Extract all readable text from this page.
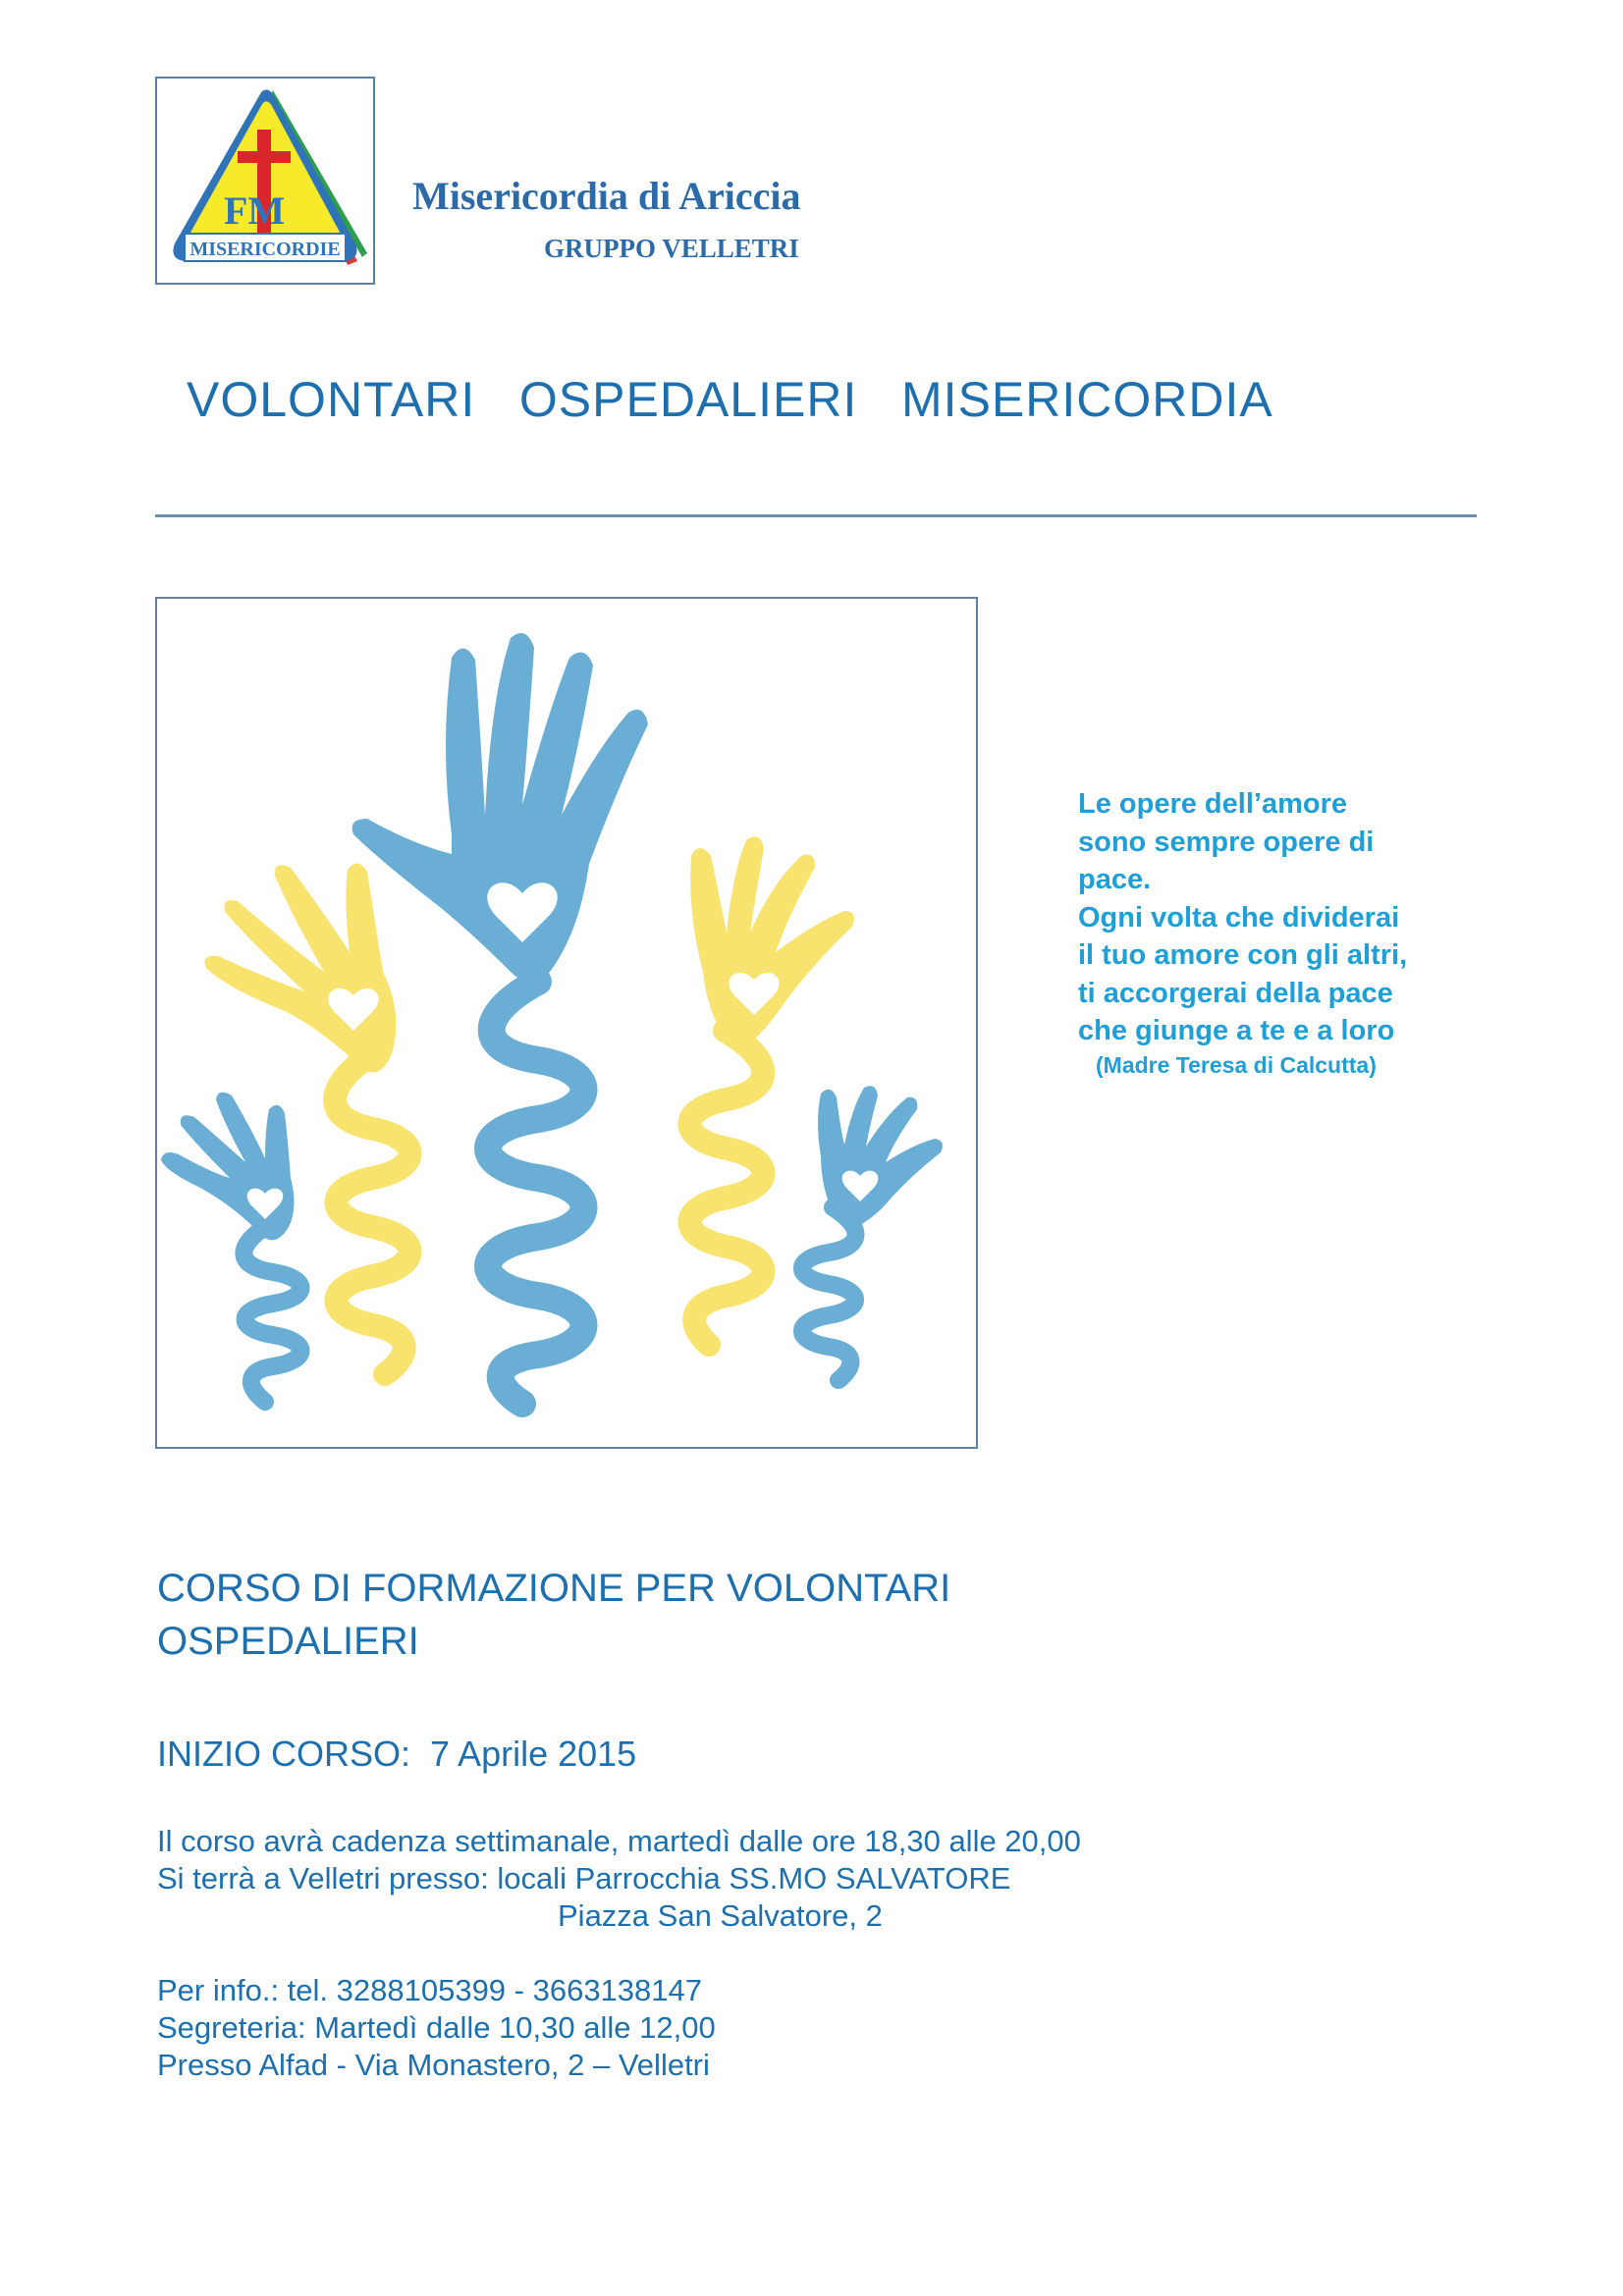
FM
MISERICORDIE
Misericordia di Ariccia
GRUPPO VELLETRI
VOLONTARI   OSPEDALIERI   MISERICORDIA
Le opere dell’amore
sono sempre opere di
pace.
Ogni volta che dividerai
il tuo amore con gli altri,
ti accorgerai della pace
che giunge a te e a loro
(Madre Teresa di Calcutta)
CORSO DI FORMAZIONE PER VOLONTARI
OSPEDALIERI
INIZIO CORSO:  7 Aprile 2015
Il corso avrà cadenza settimanale, martedì dalle ore 18,30 alle 20,00
Si terrà a Velletri presso: locali Parrocchia SS.MO SALVATORE
Piazza San Salvatore, 2
Per info.: tel. 3288105399 - 3663138147
Segreteria: Martedì dalle 10,30 alle 12,00
Presso Alfad - Via Monastero, 2 – Velletri
